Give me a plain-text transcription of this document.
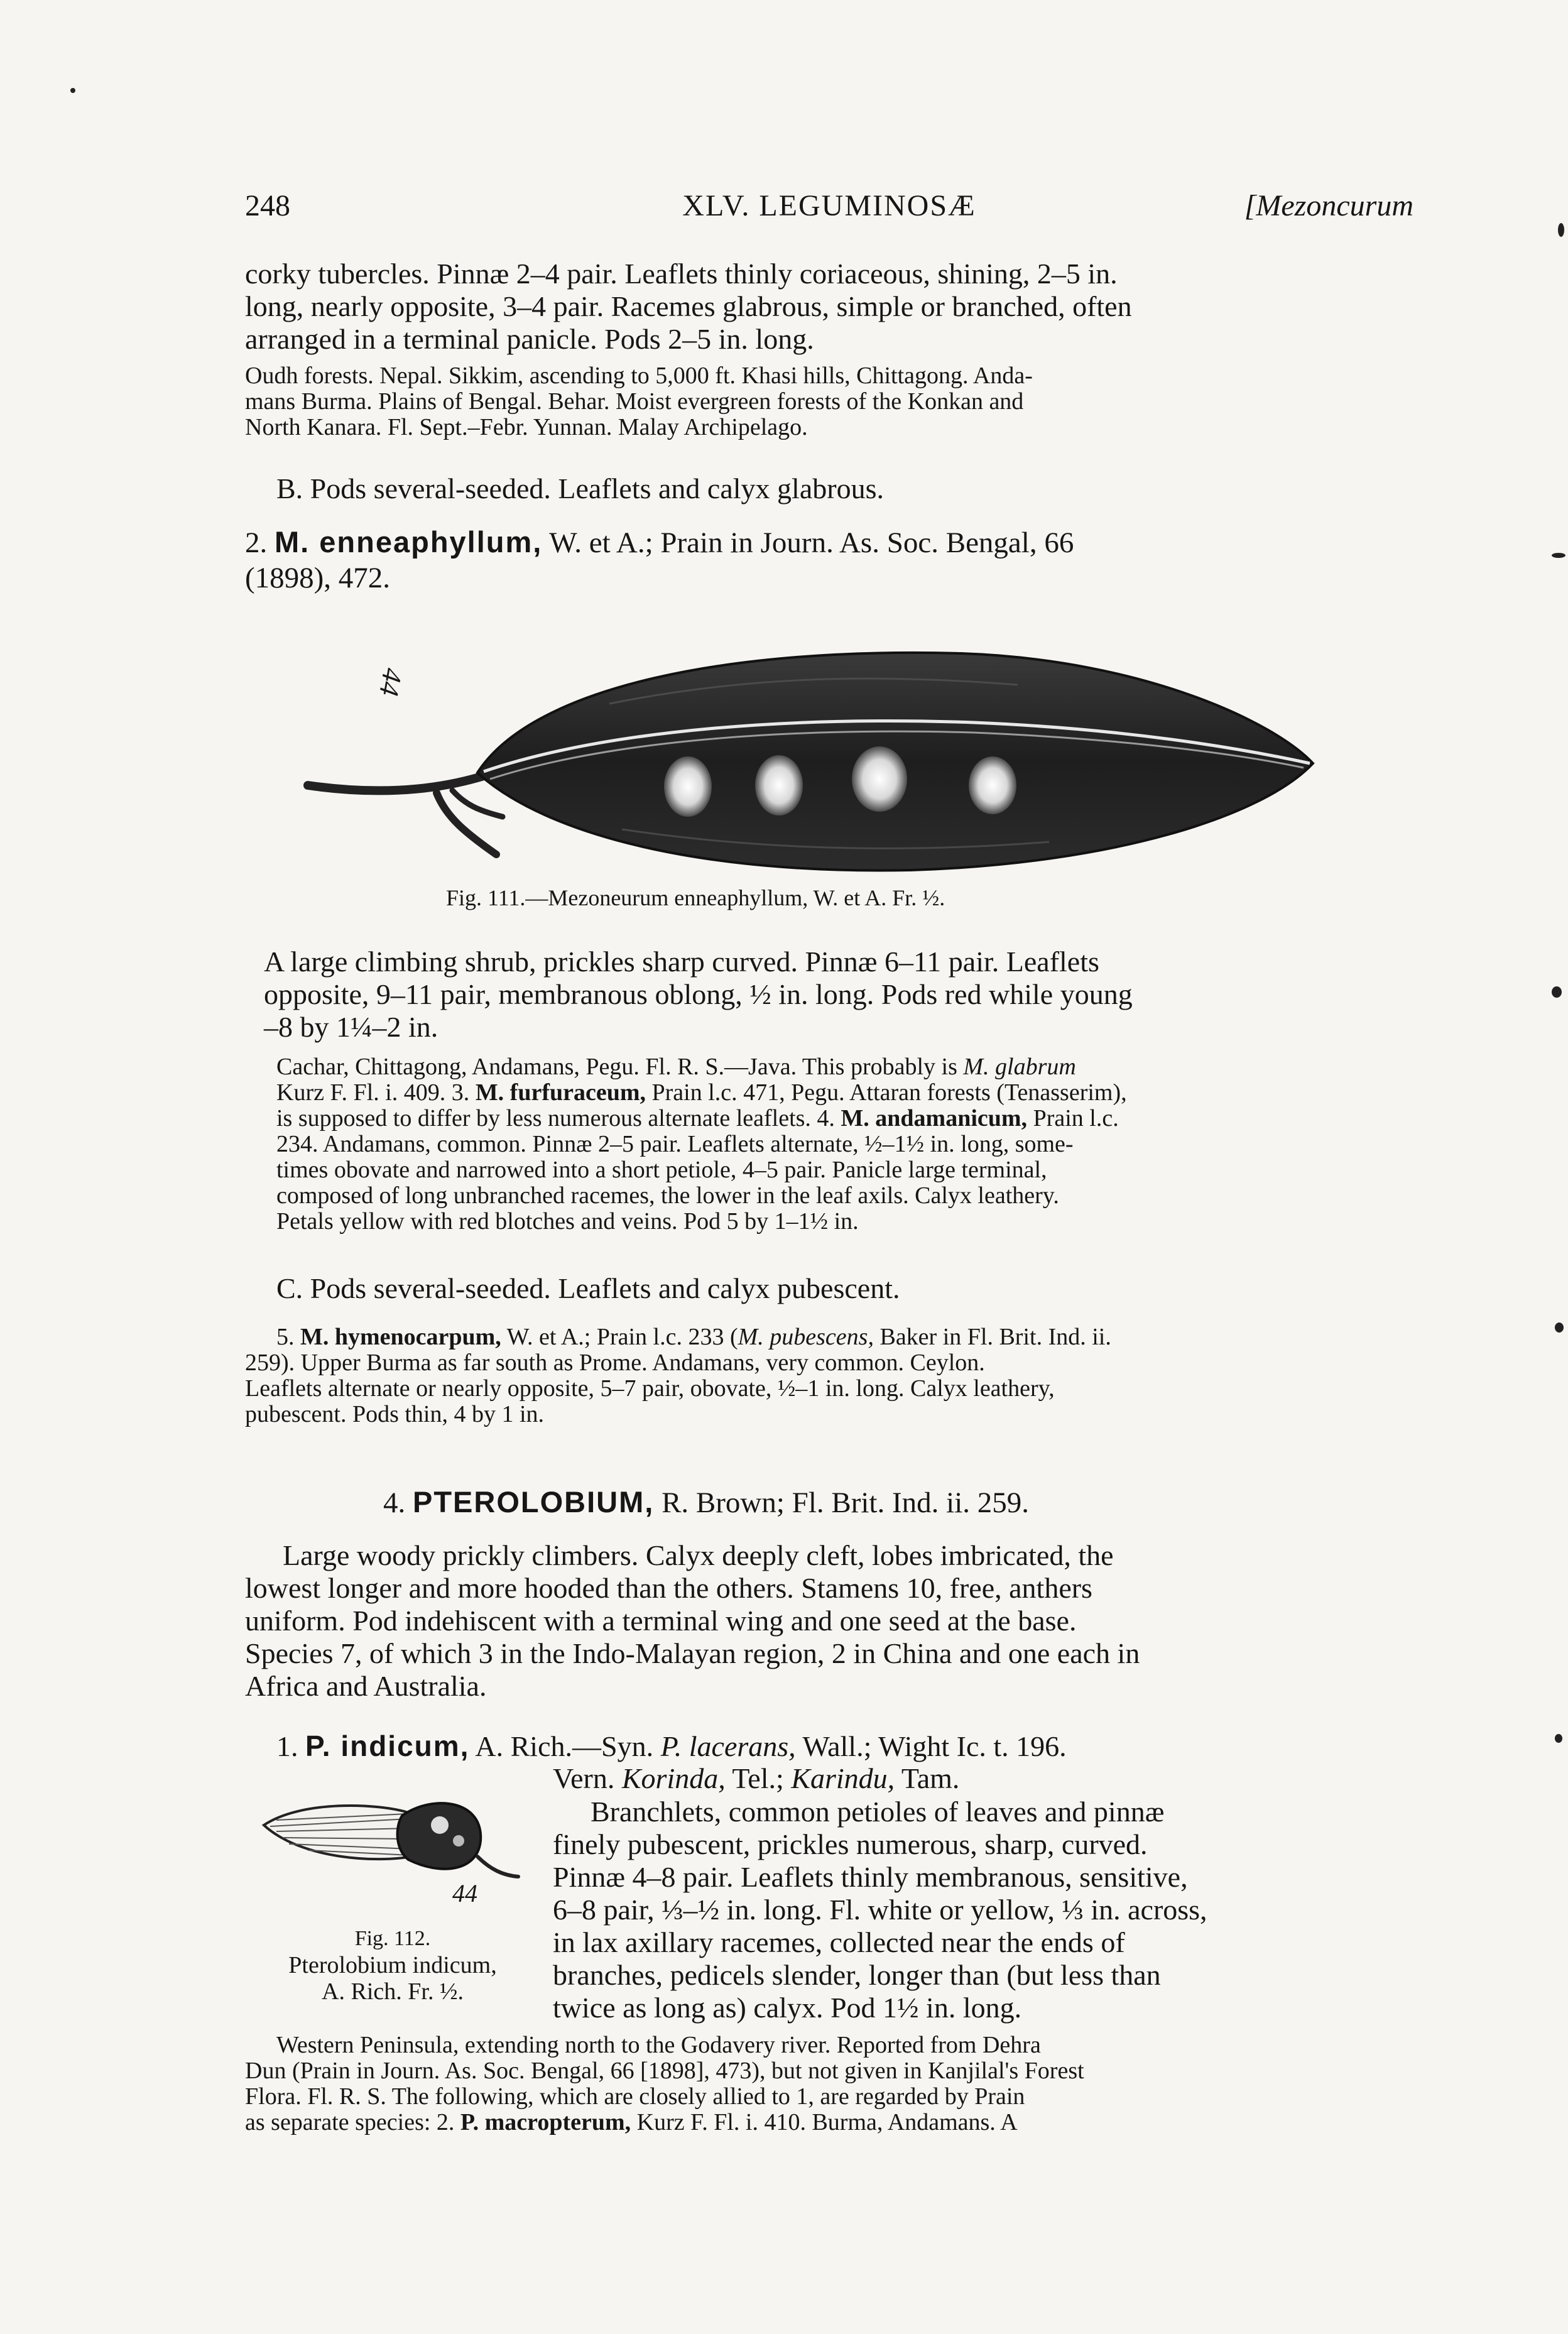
248	XLV. LEGUMINOSÆ	[Mezoncurum
corky tubercles. Pinnæ 2–4 pair. Leaflets thinly coriaceous, shining, 2–5 in.
long, nearly opposite, 3–4 pair. Racemes glabrous, simple or branched, often
arranged in a terminal panicle. Pods 2–5 in. long.
Oudh forests. Nepal. Sikkim, ascending to 5,000 ft. Khasi hills, Chittagong. Anda-
mans Burma. Plains of Bengal. Behar. Moist evergreen forests of the Konkan and
North Kanara. Fl. Sept.–Febr. Yunnan. Malay Archipelago.
B. Pods several-seeded. Leaflets and calyx glabrous.
2. M. enneaphyllum, W. et A.; Prain in Journ. As. Soc. Bengal, 66
(1898), 472.
44
Fig. 111.—Mezoneurum enneaphyllum, W. et A. Fr. ½.
A large climbing shrub, prickles sharp curved. Pinnæ 6–11 pair. Leaflets
opposite, 9–11 pair, membranous oblong, ½ in. long. Pods red while young
–8 by 1¼–2 in.
Cachar, Chittagong, Andamans, Pegu. Fl. R. S.—Java. This probably is M. glabrum
Kurz F. Fl. i. 409. 3. M. furfuraceum, Prain l.c. 471, Pegu. Attaran forests (Tenasserim),
is supposed to differ by less numerous alternate leaflets. 4. M. andamanicum, Prain l.c.
234. Andamans, common. Pinnæ 2–5 pair. Leaflets alternate, ½–1½ in. long, some-
times obovate and narrowed into a short petiole, 4–5 pair. Panicle large terminal,
composed of long unbranched racemes, the lower in the leaf axils. Calyx leathery.
Petals yellow with red blotches and veins. Pod 5 by 1–1½ in.
C. Pods several-seeded. Leaflets and calyx pubescent.
5. M. hymenocarpum, W. et A.; Prain l.c. 233 (M. pubescens, Baker in Fl. Brit. Ind. ii.
259). Upper Burma as far south as Prome. Andamans, very common. Ceylon.
Leaflets alternate or nearly opposite, 5–7 pair, obovate, ½–1 in. long. Calyx leathery,
pubescent. Pods thin, 4 by 1 in.
4. PTEROLOBIUM, R. Brown; Fl. Brit. Ind. ii. 259.
Large woody prickly climbers. Calyx deeply cleft, lobes imbricated, the
lowest longer and more hooded than the others. Stamens 10, free, anthers
uniform. Pod indehiscent with a terminal wing and one seed at the base.
Species 7, of which 3 in the Indo-Malayan region, 2 in China and one each in
Africa and Australia.
1. P. indicum, A. Rich.—Syn. P. lacerans, Wall.; Wight Ic. t. 196.
Vern. Korinda, Tel.; Karindu, Tam.
Branchlets, common petioles of leaves and pinnæ
finely pubescent, prickles numerous, sharp, curved.
Pinnæ 4–8 pair. Leaflets thinly membranous, sensitive,
6–8 pair, ⅓–½ in. long. Fl. white or yellow, ⅓ in. across,
in lax axillary racemes, collected near the ends of
branches, pedicels slender, longer than (but less than
twice as long as) calyx. Pod 1½ in. long.
44
Fig. 112.
Pterolobium indicum,
A. Rich. Fr. ½.
Western Peninsula, extending north to the Godavery river. Reported from Dehra
Dun (Prain in Journ. As. Soc. Bengal, 66 [1898], 473), but not given in Kanjilal's Forest
Flora. Fl. R. S. The following, which are closely allied to 1, are regarded by Prain
as separate species: 2. P. macropterum, Kurz F. Fl. i. 410. Burma, Andamans. A
